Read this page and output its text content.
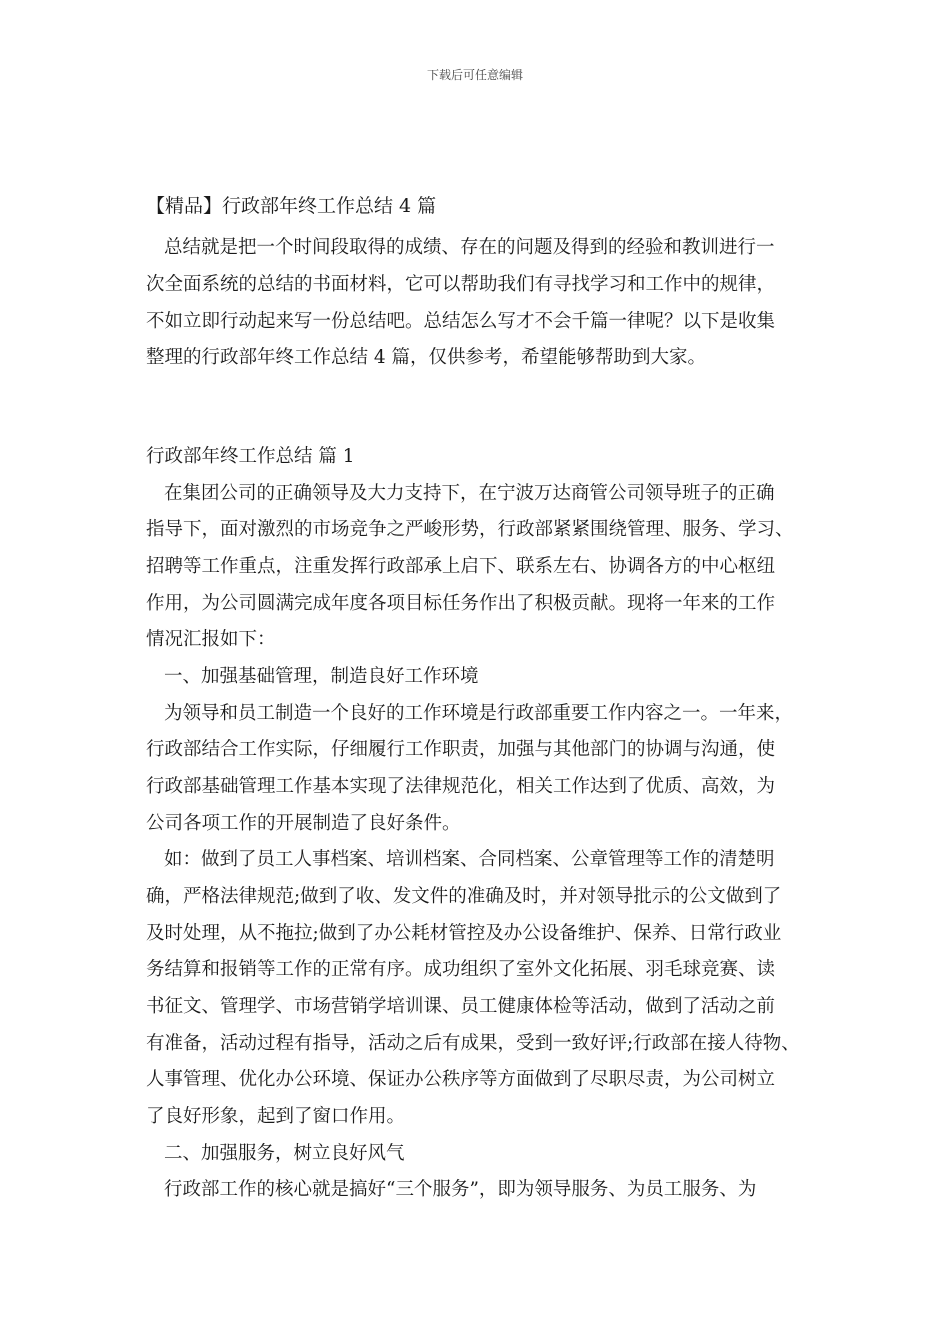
下载后可任意编辑
【精品】行政部年终工作总结 4 篇
总结就是把一个时间段取得的成绩、存在的问题及得到的经验和教训进行一
次全面系统的总结的书面材料，它可以帮助我们有寻找学习和工作中的规律，
不如立即行动起来写一份总结吧。总结怎么写才不会千篇一律呢？以下是收集
整理的行政部年终工作总结 4 篇，仅供参考，希望能够帮助到大家。
行政部年终工作总结 篇 1
在集团公司的正确领导及大力支持下，在宁波万达商管公司领导班子的正确
指导下，面对激烈的市场竞争之严峻形势，行政部紧紧围绕管理、服务、学习、
招聘等工作重点，注重发挥行政部承上启下、联系左右、协调各方的中心枢纽
作用，为公司圆满完成年度各项目标任务作出了积极贡献。现将一年来的工作
情况汇报如下：
一、加强基础管理，制造良好工作环境
为领导和员工制造一个良好的工作环境是行政部重要工作内容之一。一年来，
行政部结合工作实际，仔细履行工作职责，加强与其他部门的协调与沟通，使
行政部基础管理工作基本实现了法律规范化，相关工作达到了优质、高效，为
公司各项工作的开展制造了良好条件。
如：做到了员工人事档案、培训档案、合同档案、公章管理等工作的清楚明
确，严格法律规范;做到了收、发文件的准确及时，并对领导批示的公文做到了
及时处理，从不拖拉;做到了办公耗材管控及办公设备维护、保养、日常行政业
务结算和报销等工作的正常有序。成功组织了室外文化拓展、羽毛球竞赛、读
书征文、管理学、市场营销学培训课、员工健康体检等活动，做到了活动之前
有准备，活动过程有指导，活动之后有成果，受到一致好评;行政部在接人待物、
人事管理、优化办公环境、保证办公秩序等方面做到了尽职尽责，为公司树立
了良好形象，起到了窗口作用。
二、加强服务，树立良好风气
行政部工作的核心就是搞好“三个服务”，即为领导服务、为员工服务、为
